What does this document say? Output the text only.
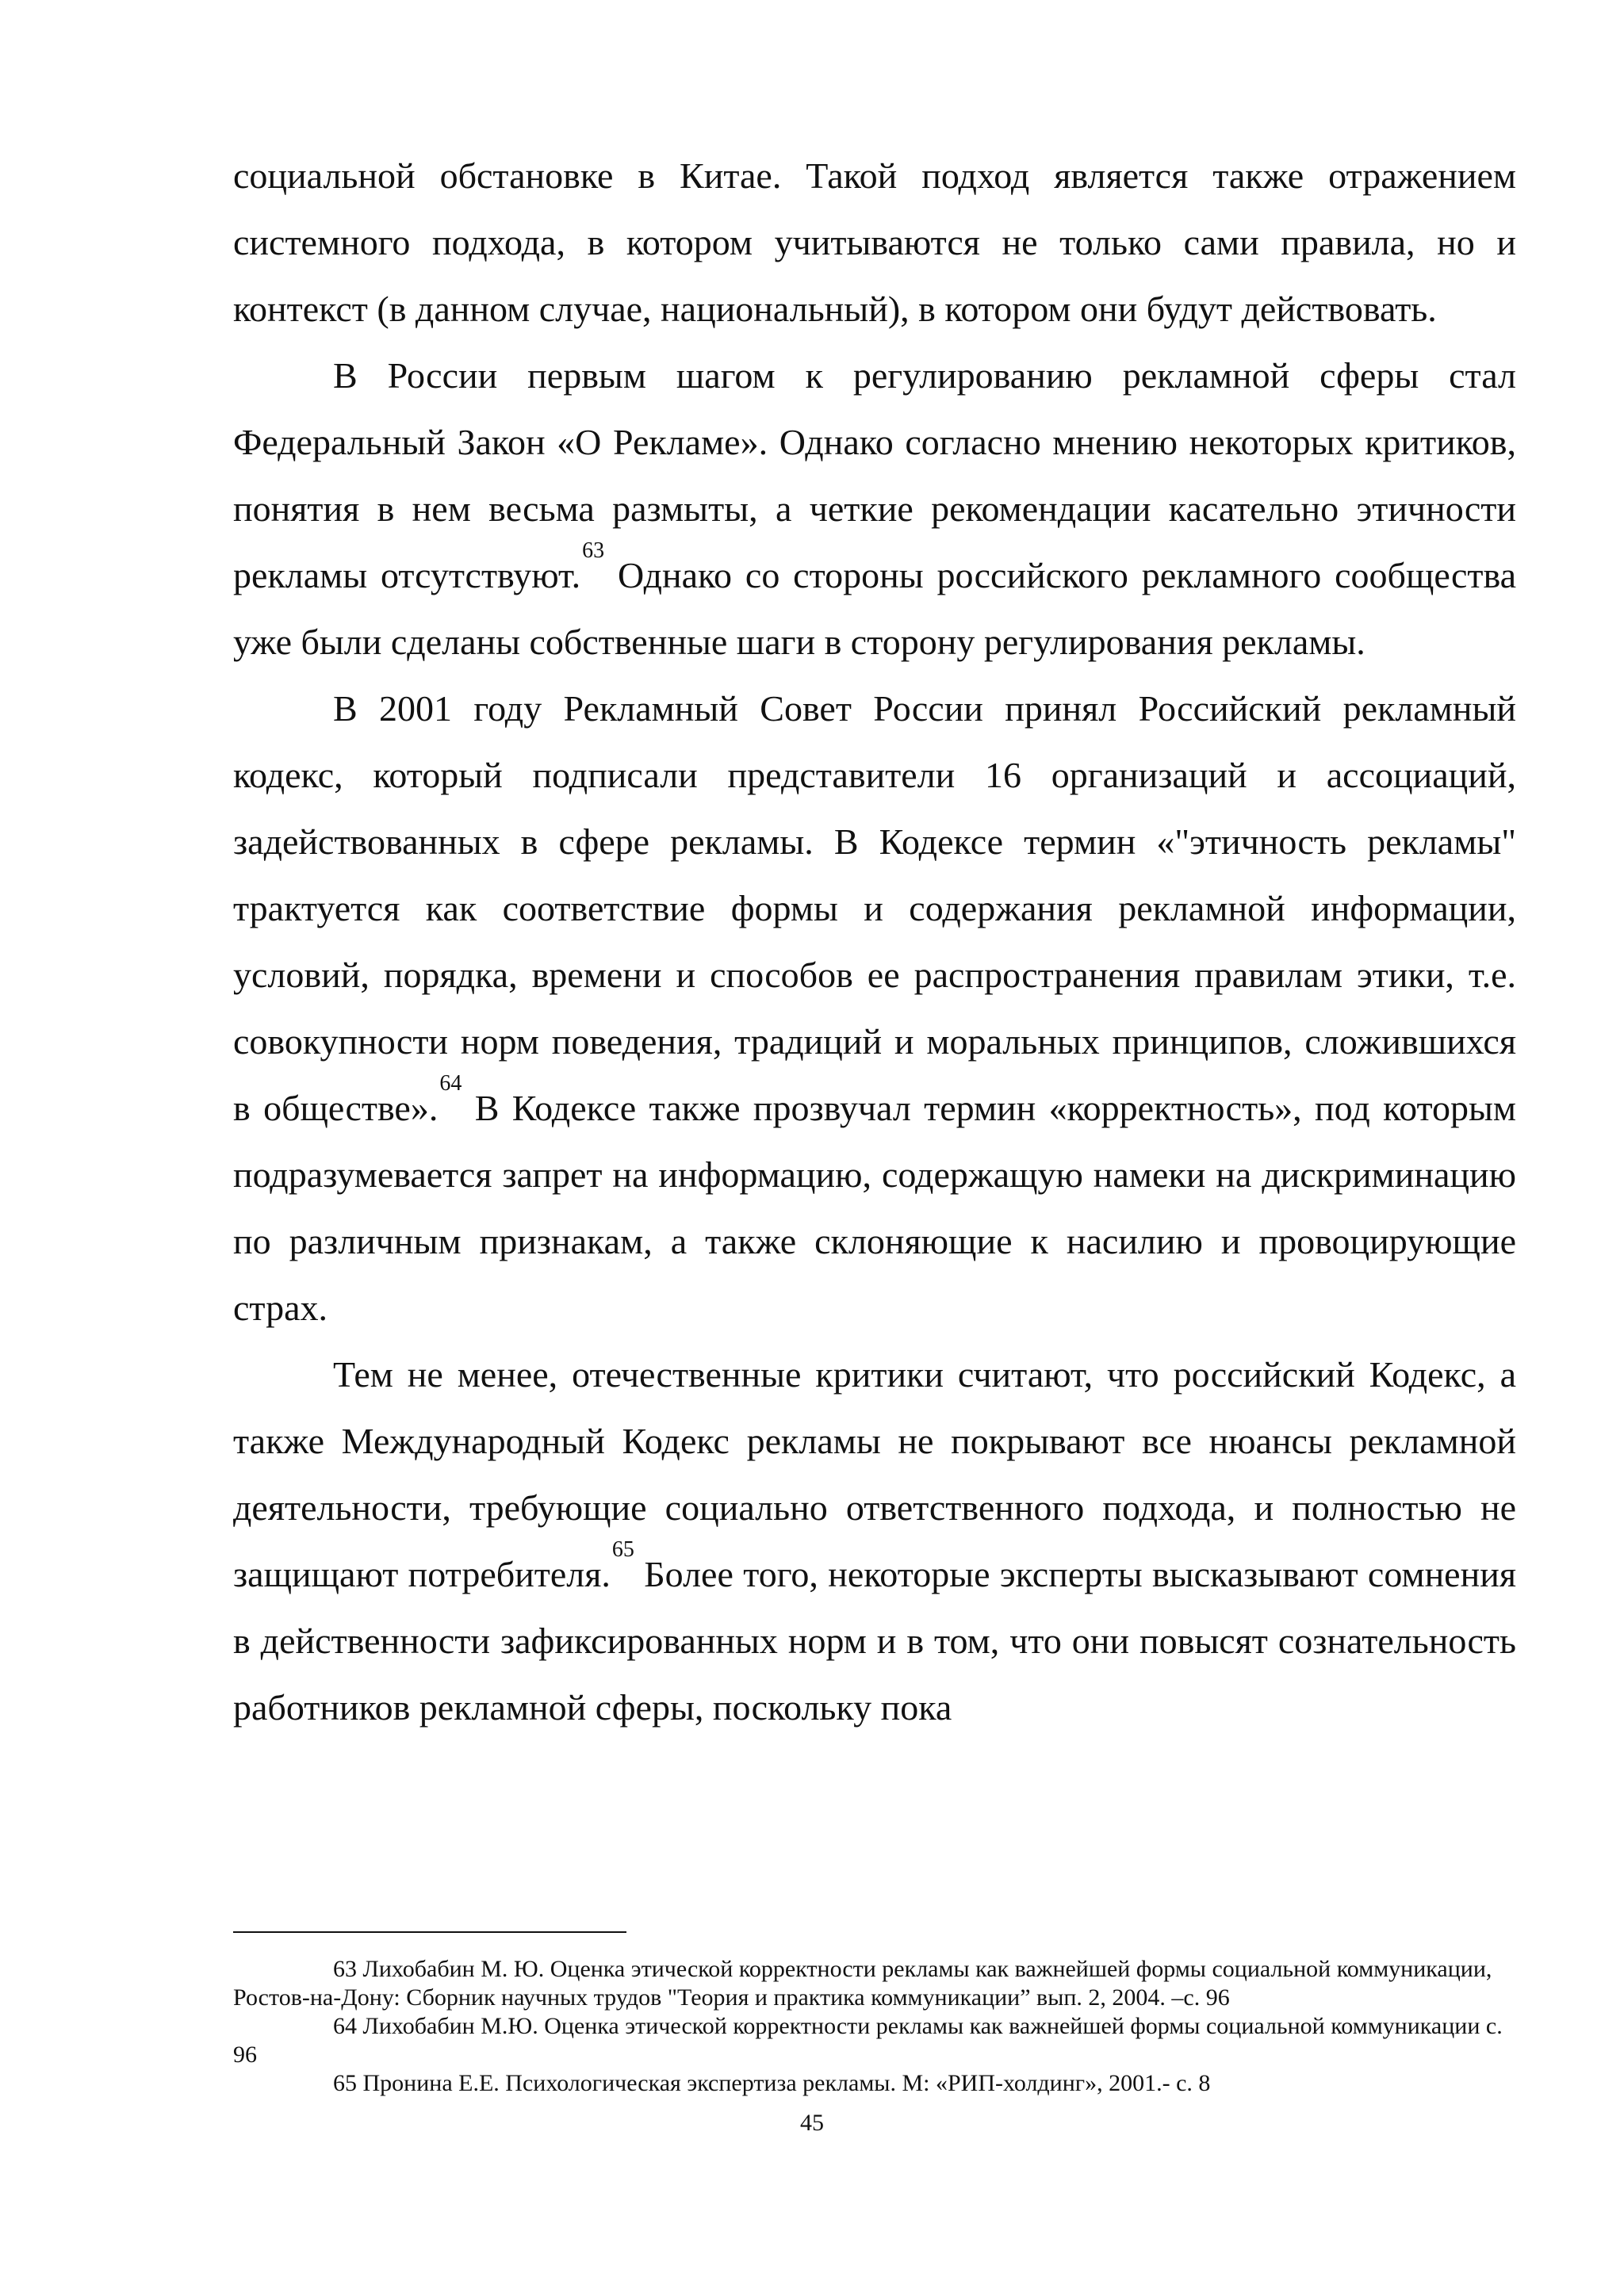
социальной обстановке в Китае. Такой подход является также отражением системного подхода, в котором учитываются не только сами правила, но и контекст (в данном случае, национальный), в котором они будут действовать.

В России первым шагом к регулированию рекламной сферы стал Федеральный Закон «О Рекламе». Однако согласно мнению некоторых критиков, понятия в нем весьма размыты, а четкие рекомендации касательно этичности рекламы отсутствуют.$^{63}$ Однако со стороны российского рекламного сообщества уже были сделаны собственные шаги в сторону регулирования рекламы.

В 2001 году Рекламный Совет России принял Российский рекламный кодекс, который подписали представители 16 организаций и ассоциаций, задействованных в сфере рекламы. В Кодексе термин «"этичность рекламы" трактуется как соответствие формы и содержания рекламной информации, условий, порядка, времени и способов ее распространения правилам этики, т.е. совокупности норм поведения, традиций и моральных принципов, сложившихся в обществе».$^{64}$ В Кодексе также прозвучал термин «корректность», под которым подразумевается запрет на информацию, содержащую намеки на дискриминацию по различным признакам, а также склоняющие к насилию и провоцирующие страх.

Тем не менее, отечественные критики считают, что российский Кодекс, а также Международный Кодекс рекламы не покрывают все нюансы рекламной деятельности, требующие социально ответственного подхода, и полностью не защищают потребителя.$^{65}$ Более того, некоторые эксперты высказывают сомнения в действенности зафиксированных норм и в том, что они повысят сознательность работников рекламной сферы, поскольку пока

63 Лихобабин М. Ю. Оценка этической корректности рекламы как важнейшей формы социальной коммуникации, Ростов-на-Дону: Сборник научных трудов "Теория и практика коммуникации” вып. 2, 2004. –с. 96

64 Лихобабин М.Ю. Оценка этической корректности рекламы как важнейшей формы социальной коммуникации с. 96

65 Пронина Е.Е. Психологическая экспертиза рекламы. М: «РИП-холдинг», 2001.- с. 8

45
